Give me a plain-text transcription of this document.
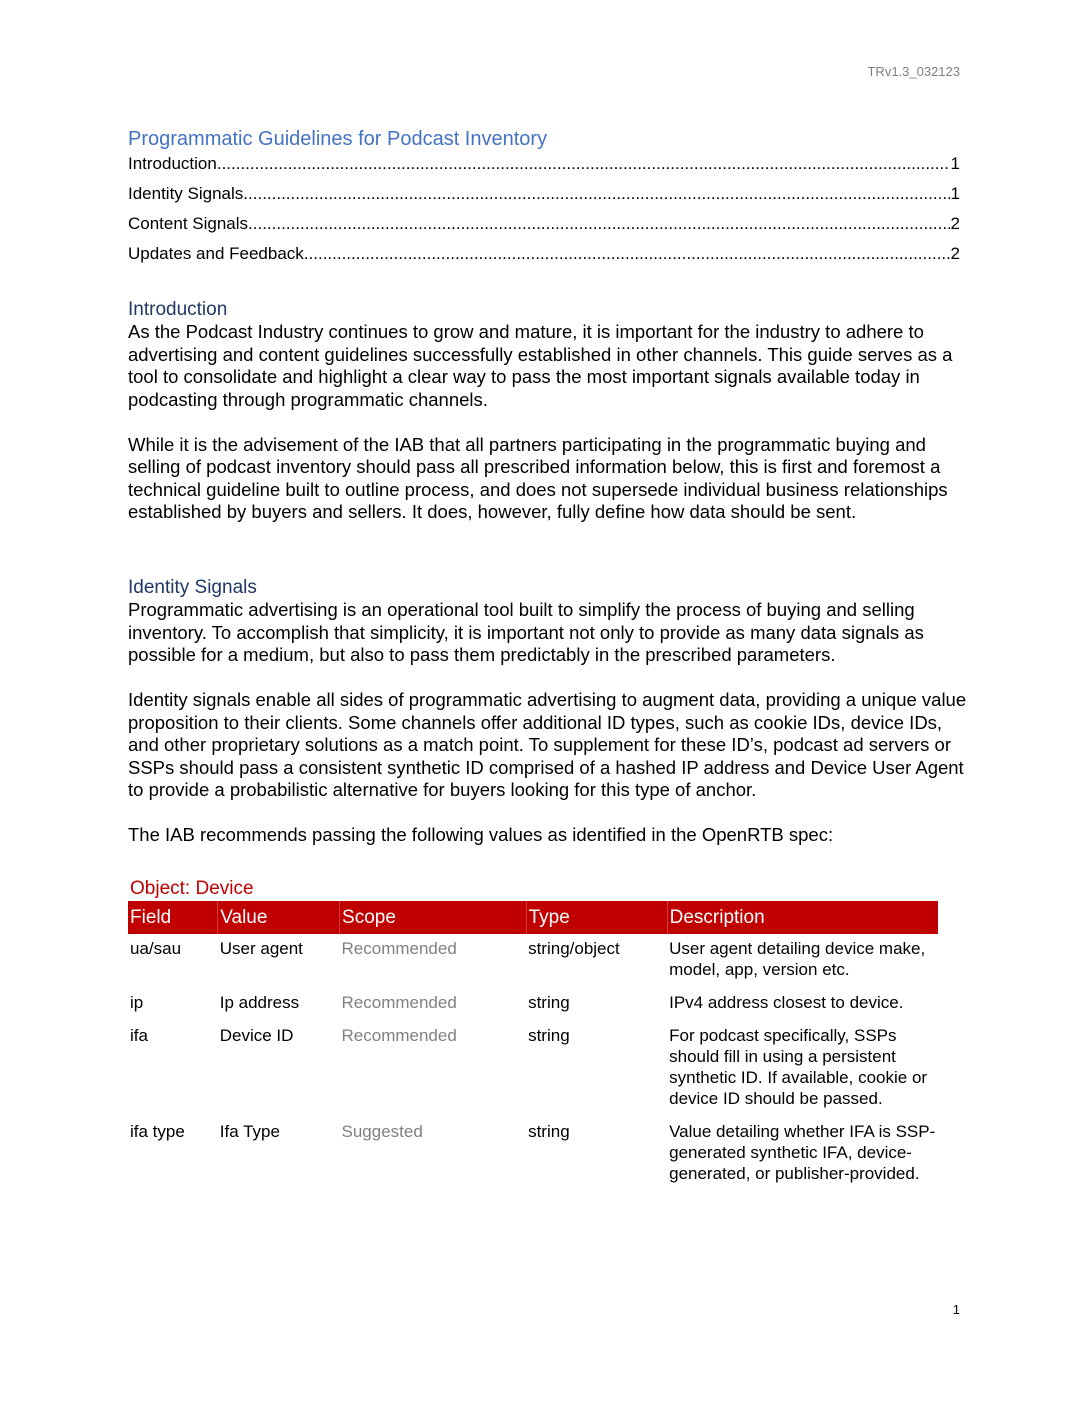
TRv1.3_032123
Programmatic Guidelines for Podcast Inventory
Introduction .....	1
Identity Signals .....	1
Content Signals .....	2
Updates and Feedback .....	2
Introduction

As the Podcast Industry continues to grow and mature, it is important for the industry to adhere to advertising and content guidelines successfully established in other channels. This guide serves as a tool to consolidate and highlight a clear way to pass the most important signals available today in podcasting through programmatic channels.

While it is the advisement of the IAB that all partners participating in the programmatic buying and selling of podcast inventory should pass all prescribed information below, this is first and foremost a technical guideline built to outline process, and does not supersede individual business relationships established by buyers and sellers. It does, however, fully define how data should be sent.

Identity Signals

Programmatic advertising is an operational tool built to simplify the process of buying and selling inventory. To accomplish that simplicity, it is important not only to provide as many data signals as possible for a medium, but also to pass them predictably in the prescribed parameters.

Identity signals enable all sides of programmatic advertising to augment data, providing a unique value proposition to their clients. Some channels offer additional ID types, such as cookie IDs, device IDs, and other proprietary solutions as a match point. To supplement for these ID’s, podcast ad servers or SSPs should pass a consistent synthetic ID comprised of a hashed IP address and Device User Agent to provide a probabilistic alternative for buyers looking for this type of anchor.

The IAB recommends passing the following values as identified in the OpenRTB spec:

Object: Device
Field	Value	Scope	Type	Description
ua/sau	User agent	Recommended	string/object	User agent detailing device make, model, app, version etc.
ip	Ip address	Recommended	string	IPv4 address closest to device.
ifa	Device ID	Recommended	string	For podcast specifically, SSPs should fill in using a persistent synthetic ID. If available, cookie or device ID should be passed.
ifa type	Ifa Type	Suggested	string	Value detailing whether IFA is SSP-generated synthetic IFA, device-generated, or publisher-provided.
1
